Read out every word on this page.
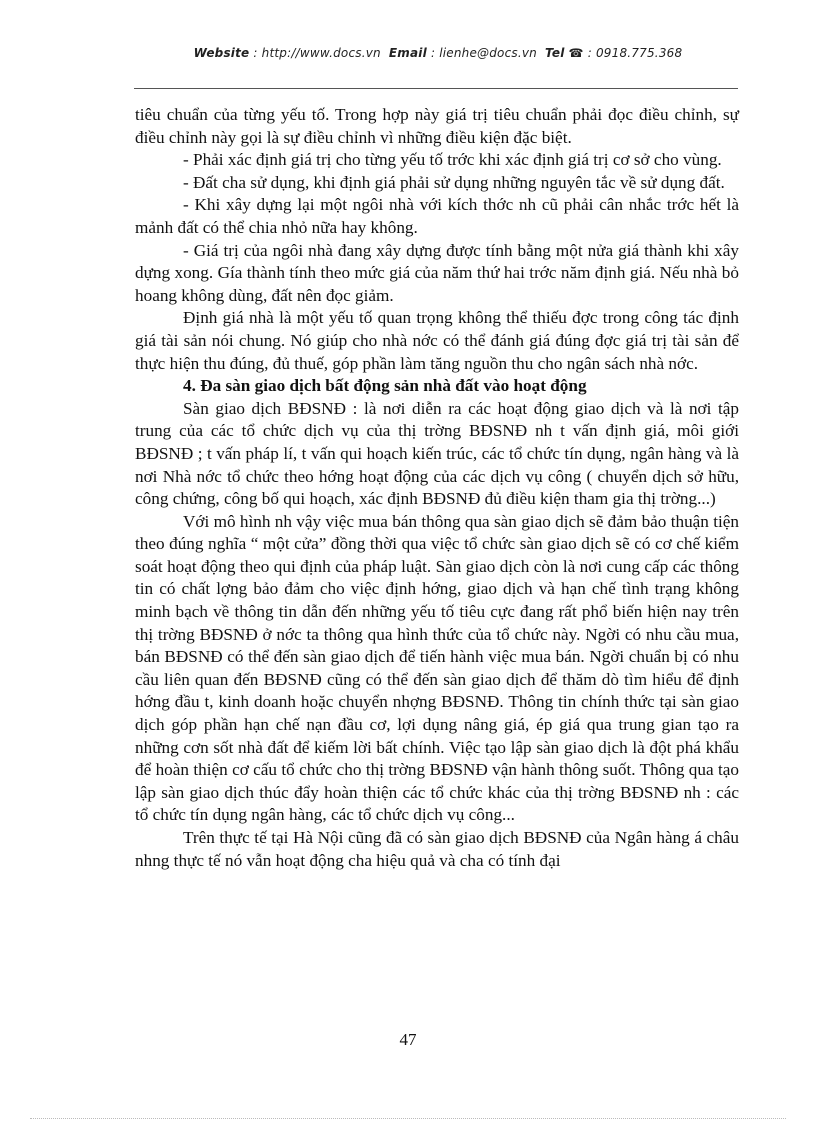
Website : http://www.docs.vn Email : lienhe@docs.vn Tel ☎ : 0918.775.368

tiêu chuẩn của từng yếu tố. Trong hợp này giá trị tiêu chuẩn phải đọc điều chỉnh, sự điều chỉnh này gọi là sự điều chỉnh vì những điều kiện đặc biệt.

- Phải xác định giá trị cho từng yếu tố trớc khi xác định giá trị cơ sở cho vùng.

- Đất cha sử dụng, khi định giá phải sử dụng những nguyên tắc về sử dụng đất.

- Khi xây dựng lại một ngôi nhà với kích thớc nh cũ phải cân nhắc trớc hết là mảnh đất có thể chia nhỏ nữa hay không.

- Giá trị của ngôi nhà đang xây dựng được tính bằng một nửa giá thành khi xây dựng xong. Gía thành tính theo mức giá của năm thứ hai trớc năm định giá. Nếu nhà bỏ hoang không dùng, đất nên đọc giảm.

Định giá nhà là một yếu tố quan trọng không thể thiếu đợc trong công tác định giá tài sản nói chung. Nó giúp cho nhà nớc có thể đánh giá đúng đợc giá trị tài sản để thực hiện thu đúng, đủ thuế, góp phần làm tăng nguồn thu cho ngân sách nhà nớc.

4. Đa sàn giao dịch bất động sản nhà đất vào hoạt động

Sàn giao dịch BĐSNĐ : là nơi diễn ra các hoạt động giao dịch và là nơi tập trung của các tổ chức dịch vụ của thị trờng BĐSNĐ nh t vấn định giá, môi giới BĐSNĐ ; t vấn pháp lí, t vấn qui hoạch kiến trúc, các tổ chức tín dụng, ngân hàng và là nơi Nhà nớc tổ chức theo hớng hoạt động của các dịch vụ công ( chuyển dịch sở hữu, công chứng, công bố qui hoạch, xác định BĐSNĐ đủ điều kiện tham gia thị trờng...)

Với mô hình nh vậy việc mua bán thông qua sàn giao dịch sẽ đảm bảo thuận tiện theo đúng nghĩa “ một cửa” đồng thời qua việc tổ chức sàn giao dịch sẽ có cơ chế kiểm soát hoạt động theo qui định của pháp luật. Sàn giao dịch còn là nơi cung cấp các thông tin có chất lợng bảo đảm cho việc định hớng, giao dịch và hạn chế tình trạng không minh bạch về thông tin dẫn đến những yếu tố tiêu cực đang rất phổ biến hiện nay trên thị trờng BĐSNĐ ở nớc ta thông qua hình thức của tổ chức này. Ngời có nhu cầu mua, bán BĐSNĐ có thể đến sàn giao dịch để tiến hành việc mua bán. Ngời chuẩn bị có nhu cầu liên quan đến BĐSNĐ cũng có thể đến sàn giao dịch để thăm dò tìm hiểu để định hớng đầu t, kinh doanh hoặc chuyển nhợng BĐSNĐ. Thông tin chính thức tại sàn giao dịch góp phần hạn chế nạn đầu cơ, lợi dụng nâng giá, ép giá qua trung gian tạo ra những cơn sốt nhà đất để kiếm lời bất chính. Việc tạo lập sàn giao dịch là đột phá khẩu để hoàn thiện cơ cấu tổ chức cho thị trờng BĐSNĐ vận hành thông suốt. Thông qua tạo lập sàn giao dịch thúc đẩy hoàn thiện các tổ chức khác của thị trờng BĐSNĐ nh : các tổ chức tín dụng ngân hàng, các tổ chức dịch vụ công...

Trên thực tế tại Hà Nội cũng đã có sàn giao dịch BĐSNĐ của Ngân hàng á châu nhng thực tế nó vẫn hoạt động cha hiệu quả và cha có tính đại

47
